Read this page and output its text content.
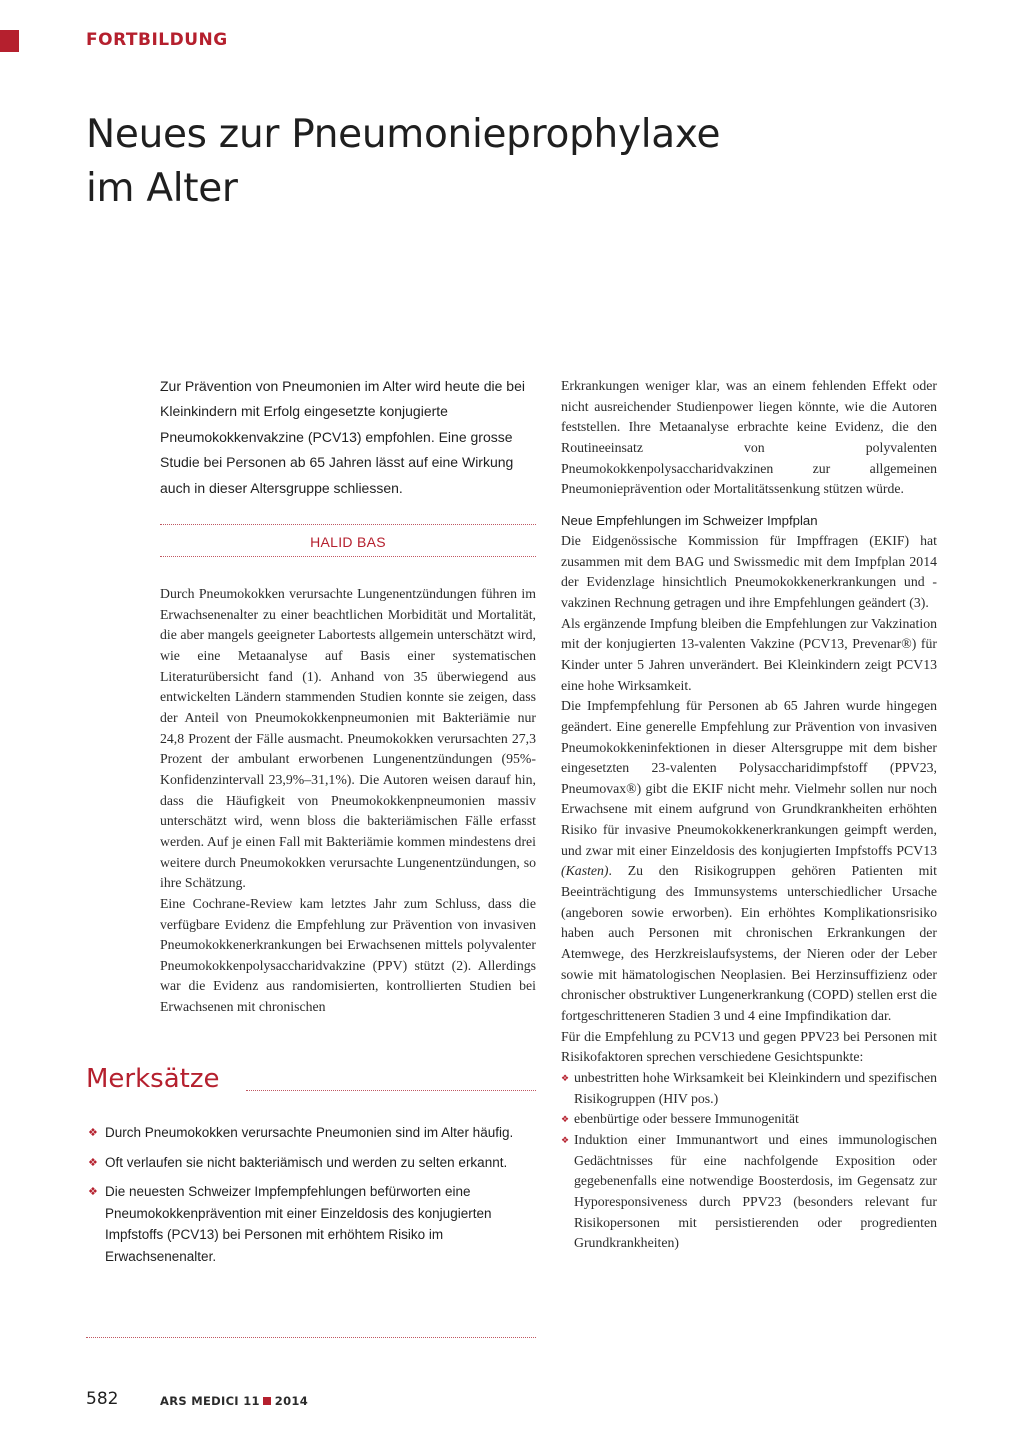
FORTBILDUNG
Neues zur Pneumonieprophylaxe
im Alter
Zur Prävention von Pneumonien im Alter wird heute die bei Kleinkindern mit Erfolg eingesetzte konjugierte Pneumokokkenvakzine (PCV13) empfohlen. Eine grosse Studie bei Personen ab 65 Jahren lässt auf eine Wirkung auch in dieser Altersgruppe schliessen.
HALID BAS

Durch Pneumokokken verursachte Lungenentzündungen führen im Erwachsenenalter zu einer beachtlichen Morbidität und Mortalität, die aber mangels geeigneter Labortests allgemein unterschätzt wird, wie eine Metaanalyse auf Basis einer systematischen Literaturübersicht fand (1). Anhand von 35 überwiegend aus entwickelten Ländern stammenden Studien konnte sie zeigen, dass der Anteil von Pneumokokkenpneumonien mit Bakteriämie nur 24,8 Prozent der Fälle ausmacht. Pneumokokken verursachten 27,3 Prozent der ambulant erworbenen Lungenentzündungen (95%-Konfidenzintervall 23,9%–31,1%). Die Autoren weisen darauf hin, dass die Häufigkeit von Pneumokokkenpneumonien massiv unterschätzt wird, wenn bloss die bakteriämischen Fälle erfasst werden. Auf je einen Fall mit Bakteriämie kommen mindestens drei weitere durch Pneumokokken verursachte Lungenentzündungen, so ihre Schätzung.

Eine Cochrane-Review kam letztes Jahr zum Schluss, dass die verfügbare Evidenz die Empfehlung zur Prävention von invasiven Pneumokokkenerkrankungen bei Erwachsenen mittels polyvalenter Pneumokokkenpolysaccharidvakzine (PPV) stützt (2). Allerdings war die Evidenz aus randomisierten, kontrollierten Studien bei Erwachsenen mit chronischen

Merksätze
❖ Durch Pneumokokken verursachte Pneumonien sind im Alter häufig.
❖ Oft verlaufen sie nicht bakteriämisch und werden zu selten erkannt.
❖ Die neuesten Schweizer Impfempfehlungen befürworten eine Pneumokokkenprävention mit einer Einzeldosis des konjugierten Impfstoffs (PCV13) bei Personen mit erhöhtem Risiko im Erwachsenenalter.

Erkrankungen weniger klar, was an einem fehlenden Effekt oder nicht ausreichender Studienpower liegen könnte, wie die Autoren feststellen. Ihre Metaanalyse erbrachte keine Evidenz, die den Routineeinsatz von polyvalenten Pneumokokkenpolysaccharidvakzinen zur allgemeinen Pneumonieprävention oder Mortalitätssenkung stützen würde.

Neue Empfehlungen im Schweizer Impfplan

Die Eidgenössische Kommission für Impffragen (EKIF) hat zusammen mit dem BAG und Swissmedic mit dem Impfplan 2014 der Evidenzlage hinsichtlich Pneumokokkenerkrankungen und -vakzinen Rechnung getragen und ihre Empfehlungen geändert (3).

Als ergänzende Impfung bleiben die Empfehlungen zur Vakzination mit der konjugierten 13-valenten Vakzine (PCV13, Prevenar®) für Kinder unter 5 Jahren unverändert. Bei Kleinkindern zeigt PCV13 eine hohe Wirksamkeit.

Die Impfempfehlung für Personen ab 65 Jahren wurde hingegen geändert. Eine generelle Empfehlung zur Prävention von invasiven Pneumokokkeninfektionen in dieser Altersgruppe mit dem bisher eingesetzten 23-valenten Polysaccharidimpfstoff (PPV23, Pneumovax®) gibt die EKIF nicht mehr. Vielmehr sollen nur noch Erwachsene mit einem aufgrund von Grundkrankheiten erhöhten Risiko für invasive Pneumokokkenerkrankungen geimpft werden, und zwar mit einer Einzeldosis des konjugierten Impfstoffs PCV13 (Kasten). Zu den Risikogruppen gehören Patienten mit Beeinträchtigung des Immunsystems unterschiedlicher Ursache (angeboren sowie erworben). Ein erhöhtes Komplikationsrisiko haben auch Personen mit chronischen Erkrankungen der Atemwege, des Herzkreislaufsystems, der Nieren oder der Leber sowie mit hämatologischen Neoplasien. Bei Herzinsuffizienz oder chronischer obstruktiver Lungenerkrankung (COPD) stellen erst die fortgeschritteneren Stadien 3 und 4 eine Impfindikation dar.

Für die Empfehlung zu PCV13 und gegen PPV23 bei Personen mit Risikofaktoren sprechen verschiedene Gesichtspunkte:

❖ unbestritten hohe Wirksamkeit bei Kleinkindern und spezifischen Risikogruppen (HIV pos.)
❖ ebenbürtige oder bessere Immunogenität
❖ Induktion einer Immunantwort und eines immunologischen Gedächtnisses für eine nachfolgende Exposition oder gegebenenfalls eine notwendige Boosterdosis, im Gegensatz zur Hyporesponsiveness durch PPV23 (besonders relevant fur Risikopersonen mit persistierenden oder progredienten Grundkrankheiten)
582	ARS MEDICI 11 2014
